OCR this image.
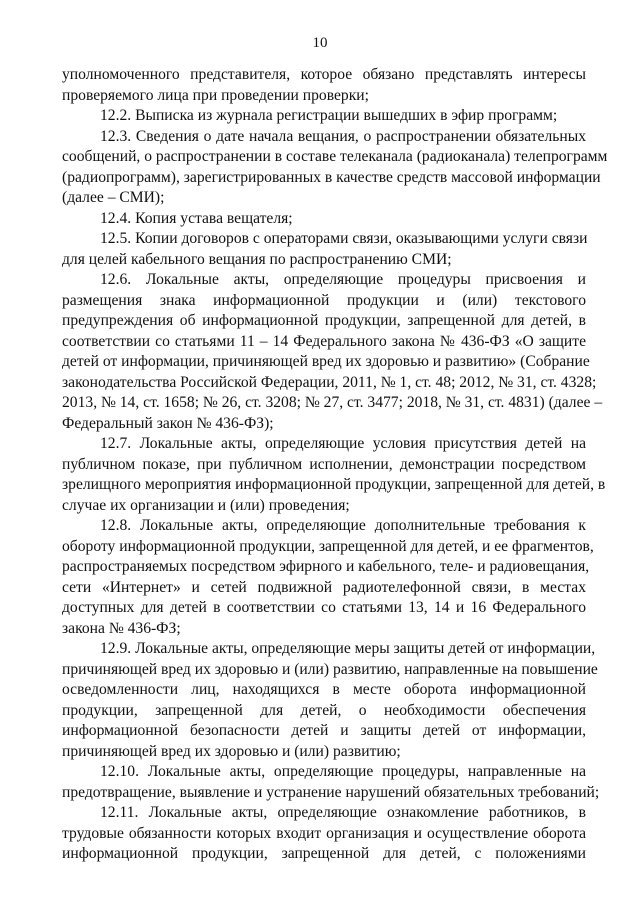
10
уполномоченного представителя, которое обязано представлять интересы
проверяемого лица при проведении проверки;
12.2. Выписка из журнала регистрации вышедших в эфир программ;
12.3. Сведения о дате начала вещания, о распространении обязательных
сообщений, о распространении в составе телеканала (радиоканала) телепрограмм
(радиопрограмм), зарегистрированных в качестве средств массовой информации
(далее – СМИ);
12.4. Копия устава вещателя;
12.5. Копии договоров с операторами связи, оказывающими услуги связи
для целей кабельного вещания по распространению СМИ;
12.6. Локальные акты, определяющие процедуры присвоения и
размещения знака информационной продукции и (или) текстового
предупреждения об информационной продукции, запрещенной для детей, в
соответствии со статьями 11 – 14 Федерального закона № 436-ФЗ «О защите
детей от информации, причиняющей вред их здоровью и развитию» (Собрание
законодательства Российской Федерации, 2011, № 1, ст. 48; 2012, № 31, ст. 4328;
2013, № 14, ст. 1658; № 26, ст. 3208; № 27, ст. 3477; 2018, № 31, ст. 4831) (далее –
Федеральный закон № 436-ФЗ);
12.7. Локальные акты, определяющие условия присутствия детей на
публичном показе, при публичном исполнении, демонстрации посредством
зрелищного мероприятия информационной продукции, запрещенной для детей, в
случае их организации и (или) проведения;
12.8. Локальные акты, определяющие дополнительные требования к
обороту информационной продукции, запрещенной для детей, и ее фрагментов,
распространяемых посредством эфирного и кабельного, теле- и радиовещания,
сети «Интернет» и сетей подвижной радиотелефонной связи, в местах
доступных для детей в соответствии со статьями 13, 14 и 16 Федерального
закона № 436-ФЗ;
12.9. Локальные акты, определяющие меры защиты детей от информации,
причиняющей вред их здоровью и (или) развитию, направленные на повышение
осведомленности лиц, находящихся в месте оборота информационной
продукции, запрещенной для детей, о необходимости обеспечения
информационной безопасности детей и защиты детей от информации,
причиняющей вред их здоровью и (или) развитию;
12.10. Локальные акты, определяющие процедуры, направленные на
предотвращение, выявление и устранение нарушений обязательных требований;
12.11. Локальные акты, определяющие ознакомление работников, в
трудовые обязанности которых входит организация и осуществление оборота
информационной продукции, запрещенной для детей, с положениями
